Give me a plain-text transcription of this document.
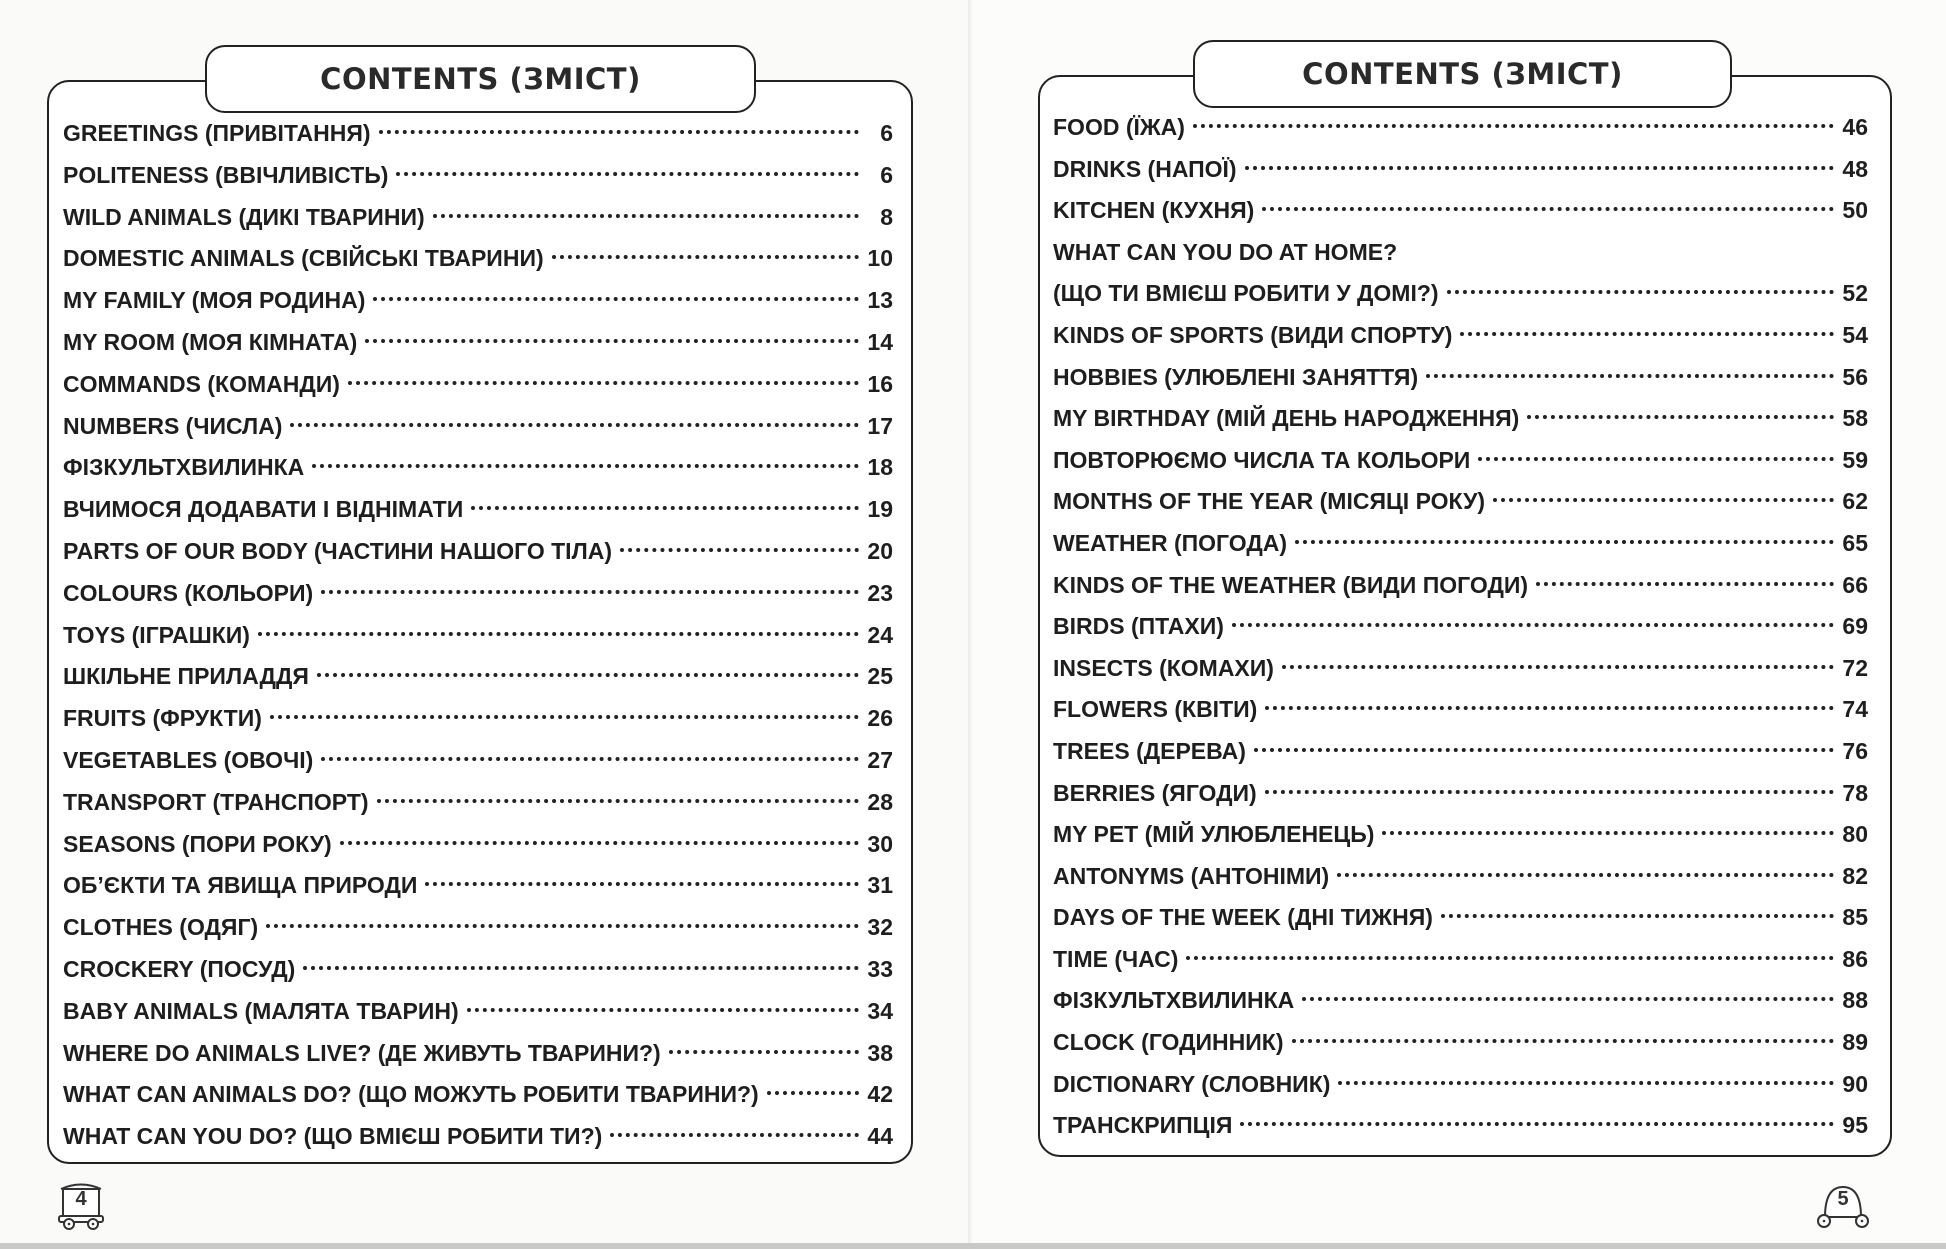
CONTENTS (ЗМІСТ)
GREETINGS (ПРИВІТАННЯ)	6
POLITENESS (ВВІЧЛИВІСТЬ)	6
WILD ANIMALS (ДИКІ ТВАРИНИ)	8
DOMESTIC ANIMALS (СВІЙСЬКІ ТВАРИНИ)	10
MY FAMILY (МОЯ РОДИНА)	13
MY ROOM (МОЯ КІМНАТА)	14
COMMANDS (КОМАНДИ)	16
NUMBERS (ЧИСЛА)	17
ФІЗКУЛЬТХВИЛИНКА	18
ВЧИМОСЯ ДОДАВАТИ І ВІДНІМАТИ	19
PARTS OF OUR BODY (ЧАСТИНИ НАШОГО ТІЛА)	20
COLOURS (КОЛЬОРИ)	23
TOYS (ІГРАШКИ)	24
ШКІЛЬНЕ ПРИЛАДДЯ	25
FRUITS (ФРУКТИ)	26
VEGETABLES (ОВОЧІ)	27
TRANSPORT (ТРАНСПОРТ)	28
SEASONS (ПОРИ РОКУ)	30
ОБ’ЄКТИ ТА ЯВИЩА ПРИРОДИ	31
CLOTHES (ОДЯГ)	32
CROCKERY (ПОСУД)	33
BABY ANIMALS (МАЛЯТА ТВАРИН)	34
WHERE DO ANIMALS LIVE? (ДЕ ЖИВУТЬ ТВАРИНИ?)	38
WHAT CAN ANIMALS DO? (ЩО МОЖУТЬ РОБИТИ ТВАРИНИ?)	42
WHAT CAN YOU DO? (ЩО ВМІЄШ РОБИТИ ТИ?)	44
4
CONTENTS (ЗМІСТ)
FOOD (ЇЖА)	46
DRINKS (НАПОЇ)	48
KITCHEN (КУХНЯ)	50
WHAT CAN YOU DO AT HOME?
(ЩО ТИ ВМІЄШ РОБИТИ У ДОМІ?)	52
KINDS OF SPORTS (ВИДИ СПОРТУ)	54
HOBBIES (УЛЮБЛЕНІ ЗАНЯТТЯ)	56
MY BIRTHDAY (МІЙ ДЕНЬ НАРОДЖЕННЯ)	58
ПОВТОРЮЄМО ЧИСЛА ТА КОЛЬОРИ	59
MONTHS OF THE YEAR (МІСЯЦІ РОКУ)	62
WEATHER (ПОГОДА)	65
KINDS OF THE WEATHER (ВИДИ ПОГОДИ)	66
BIRDS (ПТАХИ)	69
INSECTS (КОМАХИ)	72
FLOWERS (КВІТИ)	74
TREES (ДЕРЕВА)	76
BERRIES (ЯГОДИ)	78
MY PET (МІЙ УЛЮБЛЕНЕЦЬ)	80
ANTONYMS (АНТОНІМИ)	82
DAYS OF THE WEEK (ДНІ ТИЖНЯ)	85
TIME (ЧАС)	86
ФІЗКУЛЬТХВИЛИНКА	88
CLOCK (ГОДИННИК)	89
DICTIONARY (СЛОВНИК)	90
ТРАНСКРИПЦІЯ	95
5
